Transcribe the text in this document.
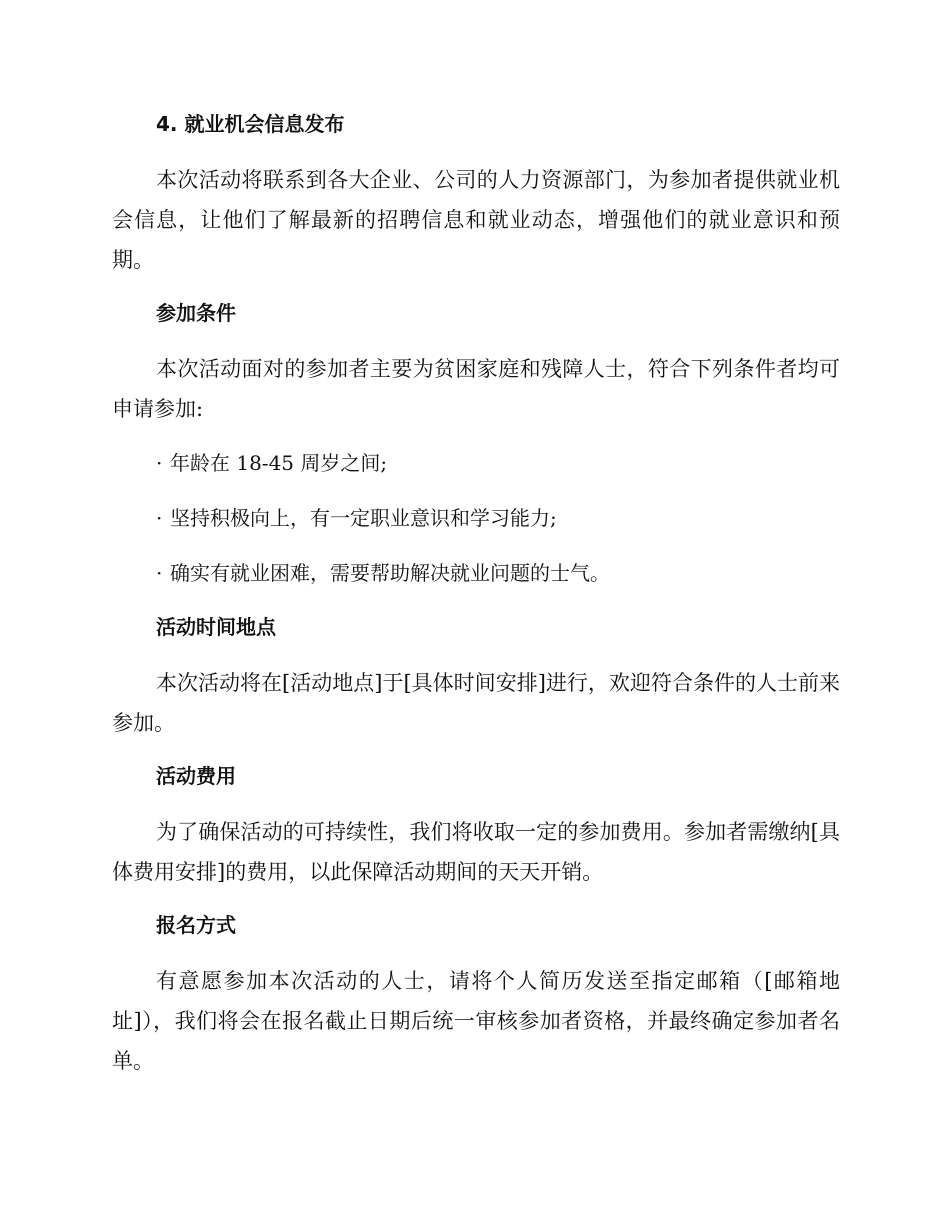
4. 就业机会信息发布

本次活动将联系到各大企业、公司的人力资源部门，为参加者提供就业机会信息，让他们了解最新的招聘信息和就业动态，增强他们的就业意识和预期。

参加条件

本次活动面对的参加者主要为贫困家庭和残障人士，符合下列条件者均可申请参加:

· 年龄在 18-45 周岁之间;
· 坚持积极向上，有一定职业意识和学习能力;
· 确实有就业困难，需要帮助解决就业问题的士气。
活动时间地点

本次活动将在[活动地点]于[具体时间安排]进行，欢迎符合条件的人士前来参加。

活动费用

为了确保活动的可持续性，我们将收取一定的参加费用。参加者需缴纳[具体费用安排]的费用，以此保障活动期间的天天开销。

报名方式

有意愿参加本次活动的人士，请将个人简历发送至指定邮箱（[邮箱地址]），我们将会在报名截止日期后统一审核参加者资格，并最终确定参加者名单。
